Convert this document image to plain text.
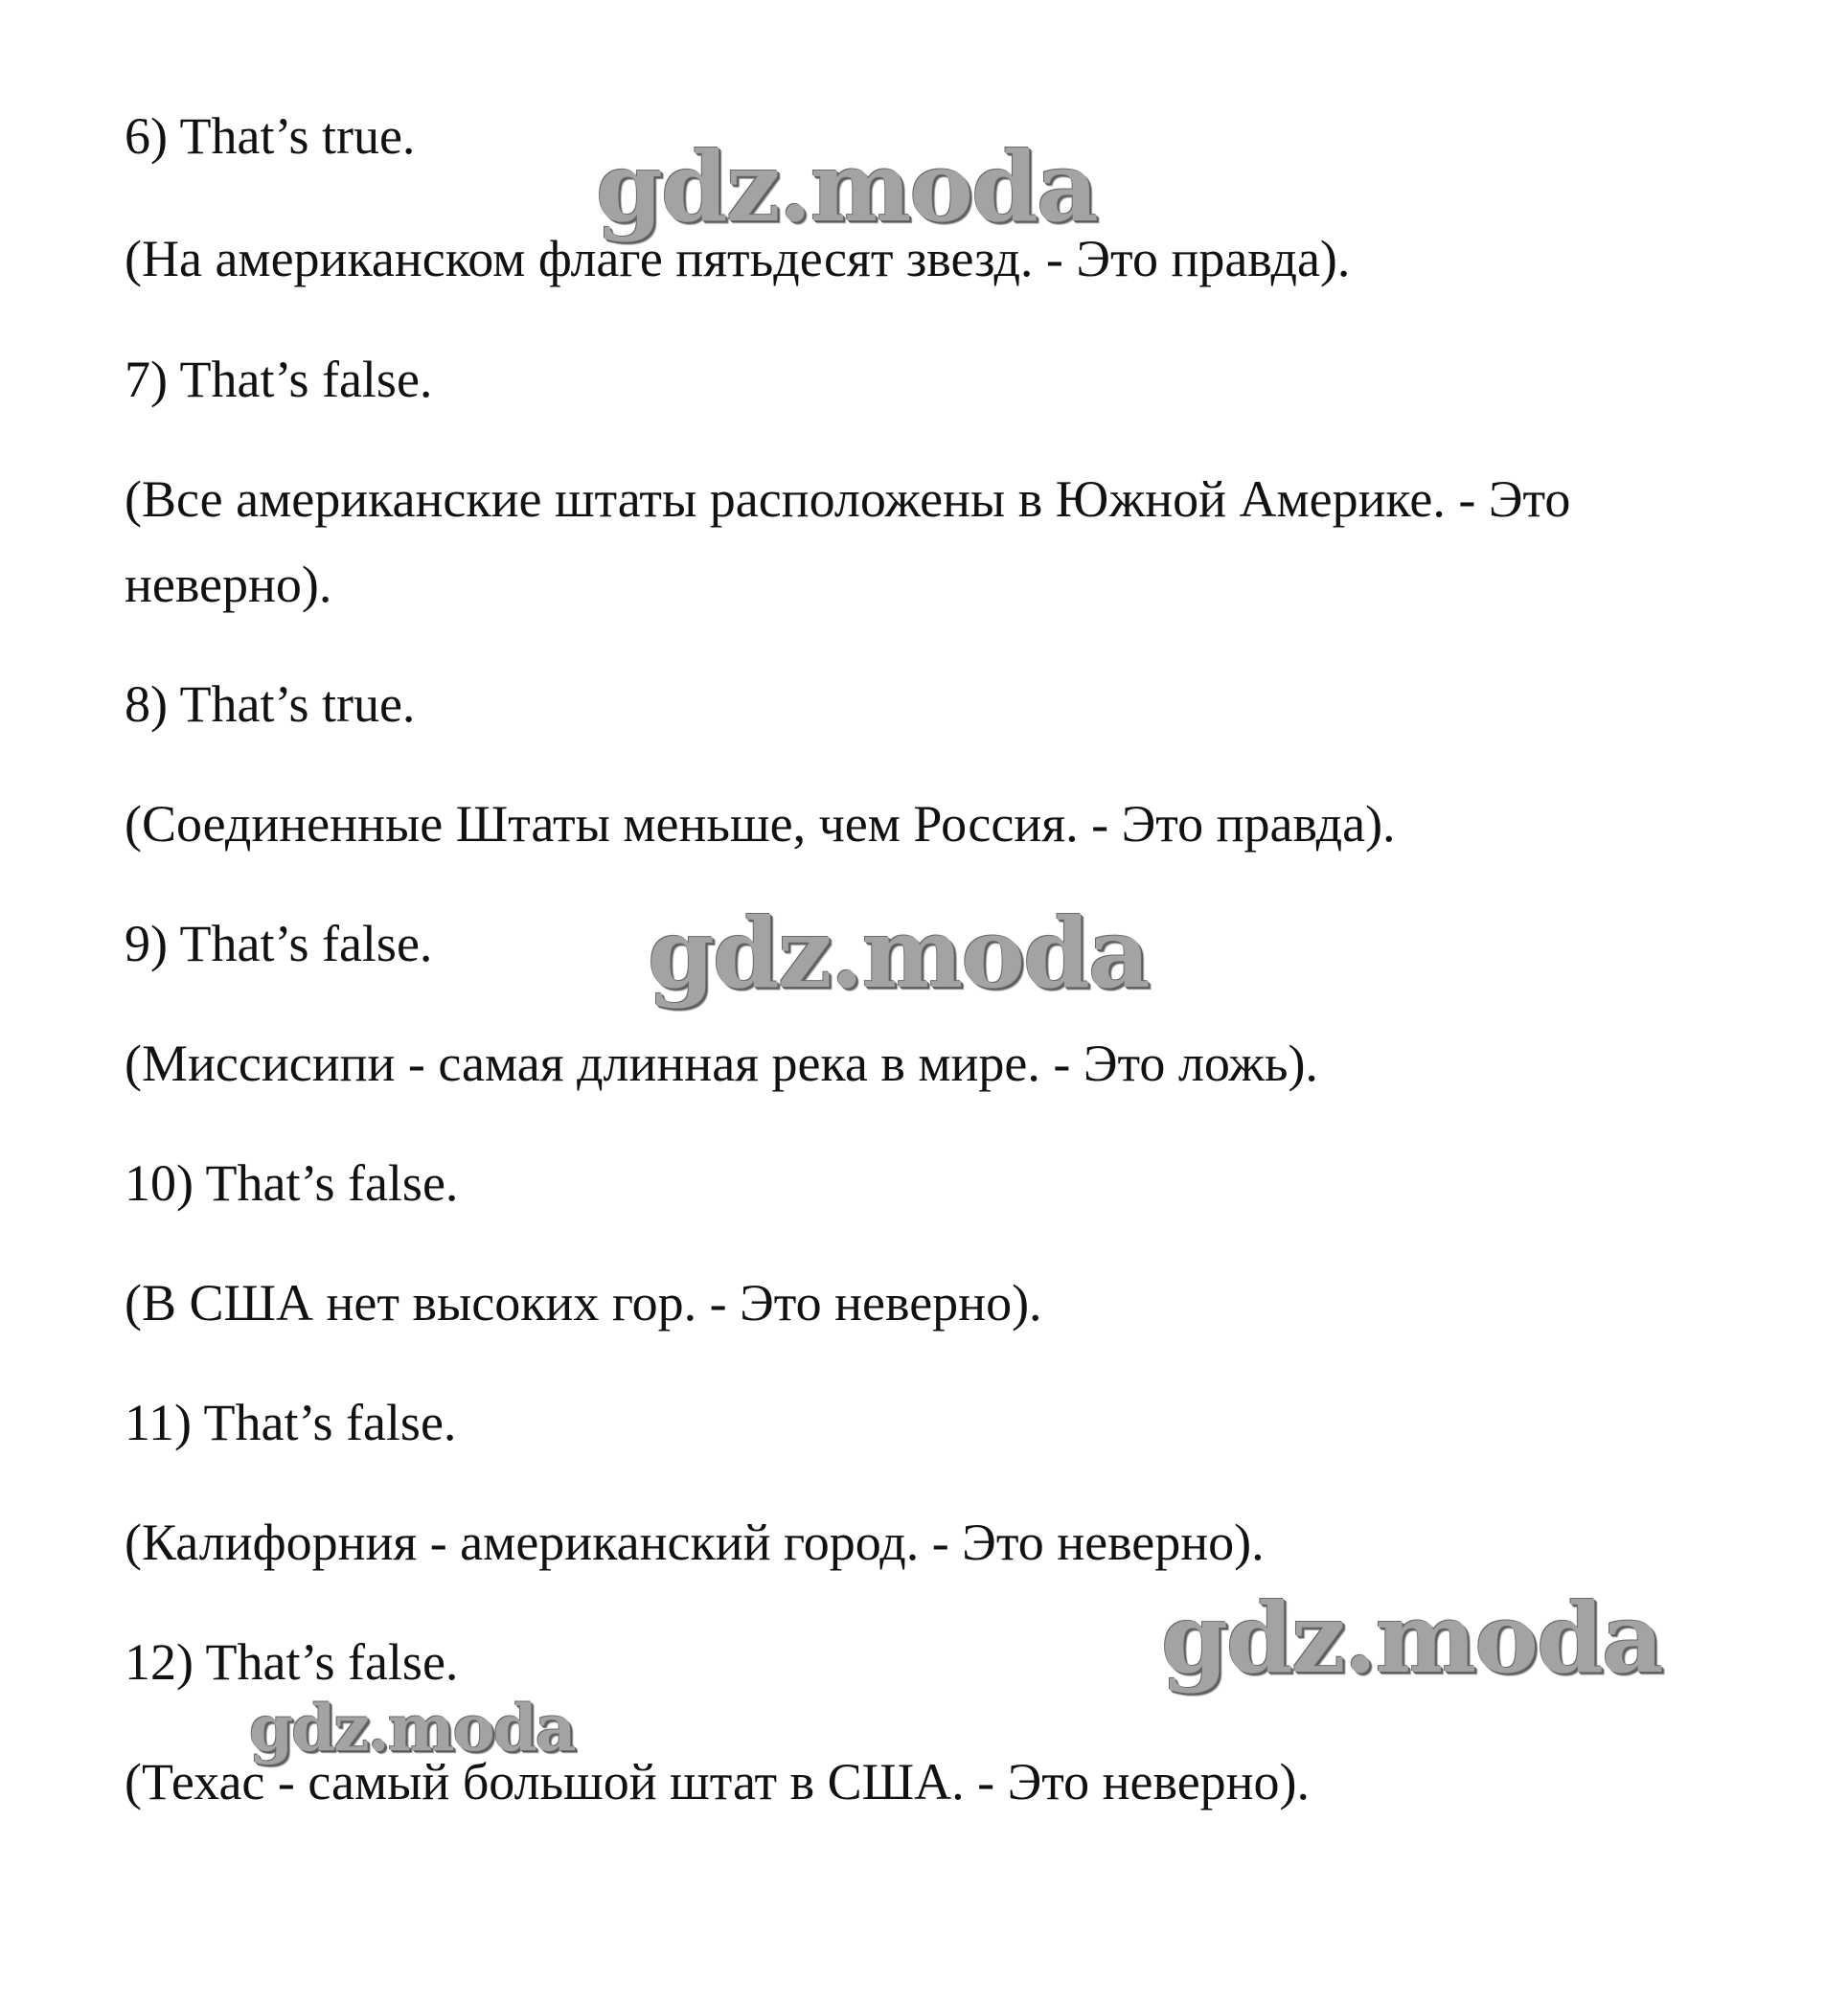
6) That’s true.
(На американском флаге пятьдесят звезд. - Это правда).
7) That’s false.
(Все американские штаты расположены в Южной Америке. - Это
неверно).
8) That’s true.
(Соединенные Штаты меньше, чем Россия. - Это правда).
9) That’s false.
(Миссисипи - самая длинная река в мире. - Это ложь).
10) That’s false.
(В США нет высоких гор. - Это неверно).
11) That’s false.
(Калифорния - американский город. - Это неверно).
12) That’s false.
(Техас - самый большой штат в США. - Это неверно).
gdz.moda
gdz.moda
gdz.moda
gdz.moda
